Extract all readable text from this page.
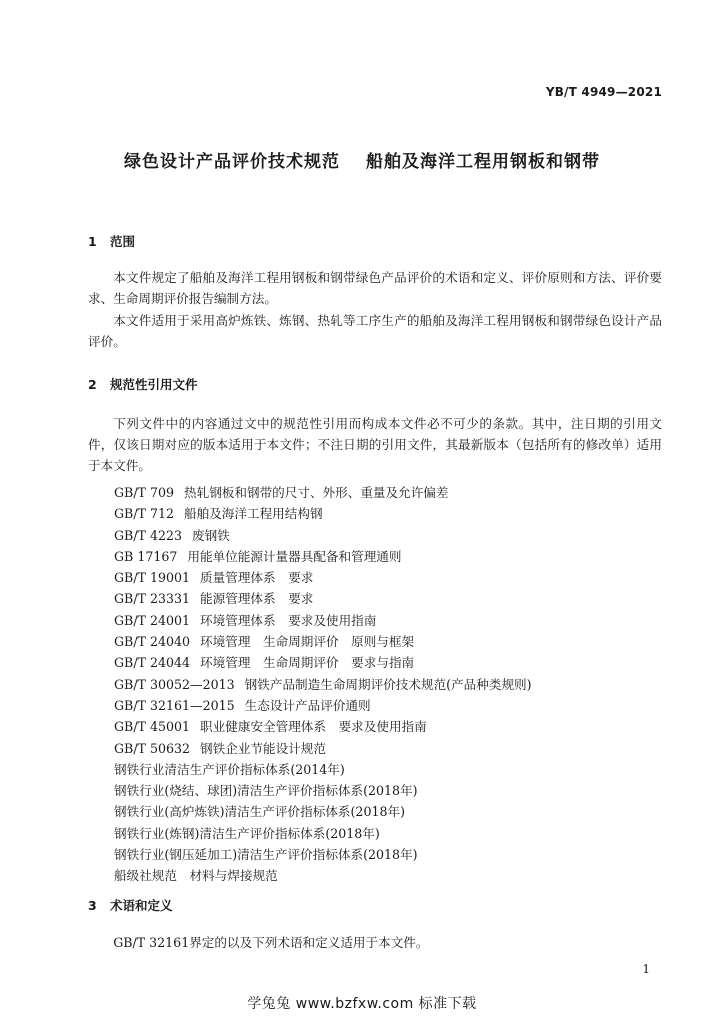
YB/T 4949—2021
绿色设计产品评价技术规范 船舶及海洋工程用钢板和钢带
1 范围
本文件规定了船舶及海洋工程用钢板和钢带绿色产品评价的术语和定义、评价原则和方法、评价要求、生命周期评价报告编制方法。
本文件适用于采用高炉炼铁、炼钢、热轧等工序生产的船舶及海洋工程用钢板和钢带绿色设计产品评价。
2 规范性引用文件
下列文件中的内容通过文中的规范性引用而构成本文件必不可少的条款。其中，注日期的引用文件，仅该日期对应的版本适用于本文件；不注日期的引用文件，其最新版本（包括所有的修改单）适用于本文件。
GB/T 709 热轧钢板和钢带的尺寸、外形、重量及允许偏差
GB/T 712 船舶及海洋工程用结构钢
GB/T 4223 废钢铁
GB 17167 用能单位能源计量器具配备和管理通则
GB/T 19001 质量管理体系　要求
GB/T 23331 能源管理体系　要求
GB/T 24001 环境管理体系　要求及使用指南
GB/T 24040 环境管理　生命周期评价　原则与框架
GB/T 24044 环境管理　生命周期评价　要求与指南
GB/T 30052—2013 钢铁产品制造生命周期评价技术规范(产品种类规则)
GB/T 32161—2015 生态设计产品评价通则
GB/T 45001 职业健康安全管理体系　要求及使用指南
GB/T 50632 钢铁企业节能设计规范
钢铁行业清洁生产评价指标体系(2014年)
钢铁行业(烧结、球团)清洁生产评价指标体系(2018年)
钢铁行业(高炉炼铁)清洁生产评价指标体系(2018年)
钢铁行业(炼钢)清洁生产评价指标体系(2018年)
钢铁行业(钢压延加工)清洁生产评价指标体系(2018年)
船级社规范　材料与焊接规范
3 术语和定义
GB/T 32161界定的以及下列术语和定义适用于本文件。
1
学兔兔 www.bzfxw.com 标准下载
